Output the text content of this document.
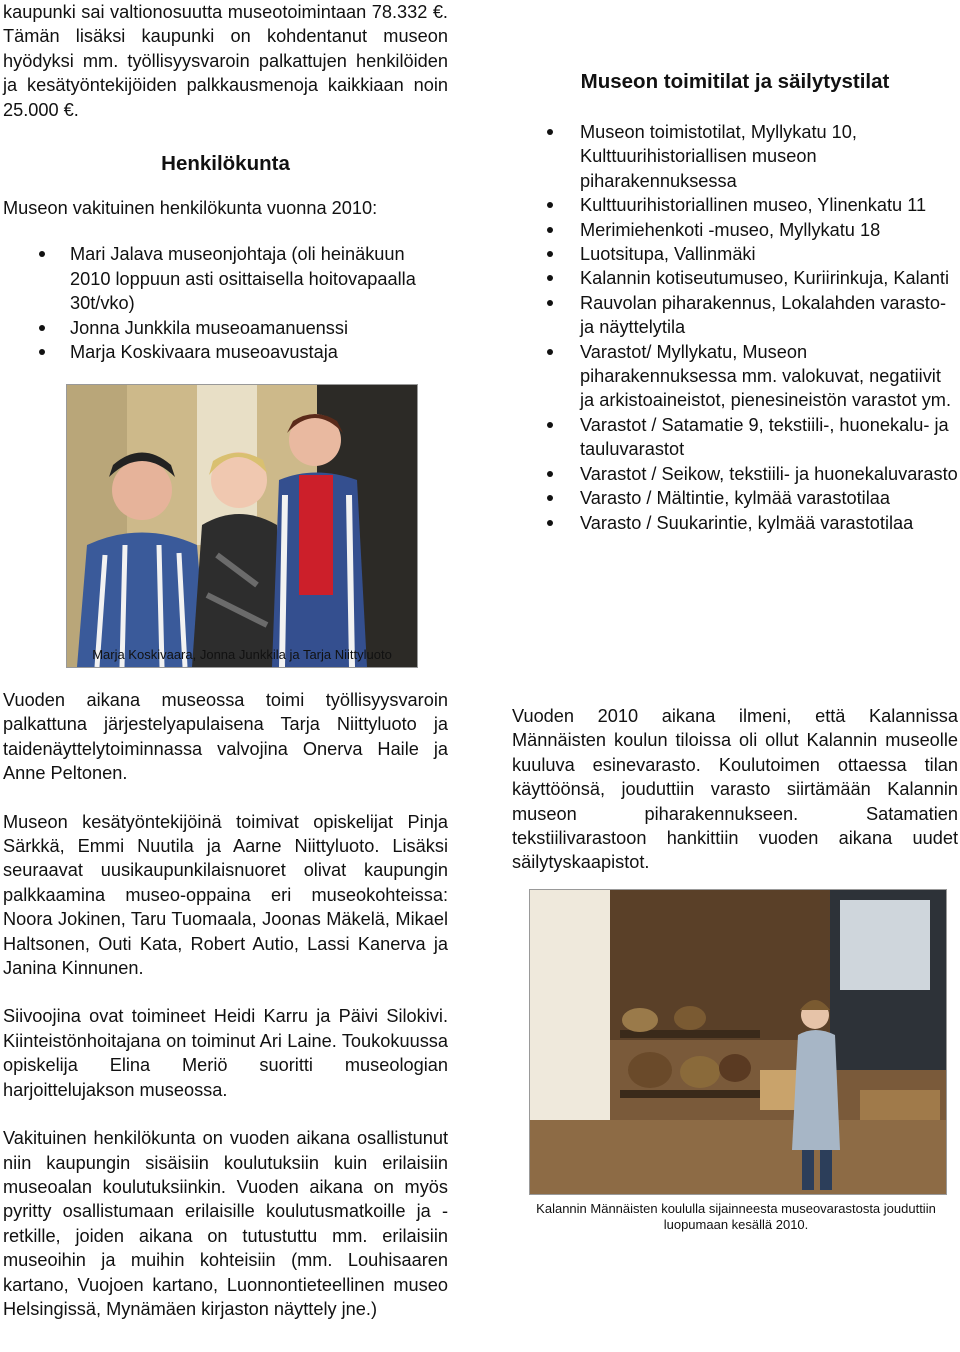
kaupunki sai valtionosuutta museotoimintaan 78.332 €. Tämän lisäksi kaupunki on kohdentanut museon hyödyksi mm. työllisyysvaroin palkattujen henkilöiden ja kesätyöntekijöiden palkkausmenoja kaikkiaan noin 25.000 €.

Henkilökunta

Museon vakituinen henkilökunta vuonna 2010:

Mari Jalava museonjohtaja (oli heinäkuun 2010 loppuun asti osittaisella hoitovapaalla 30t/vko)
Jonna Junkkila museoamanuenssi
Marja Koskivaara museoavustaja
Marja Koskivaara, Jonna Junkkila ja Tarja Niittyluoto

Vuoden aikana museossa toimi työllisyysvaroin palkattuna järjestelyapulaisena Tarja Niittyluoto ja taidenäyttelytoiminnassa valvojina Onerva Haile ja Anne Peltonen.

Museon kesätyöntekijöinä toimivat opiskelijat Pinja Särkkä, Emmi Nuutila ja Aarne Niittyluoto. Lisäksi seuraavat uusikaupunkilaisnuoret olivat kaupungin palkkaamina museo-oppaina eri museokohteissa: Noora Jokinen, Taru Tuomaala, Joonas Mäkelä, Mikael Haltsonen, Outi Kata, Robert Autio, Lassi Kanerva ja Janina Kinnunen.

Siivoojina ovat toimineet Heidi Karru ja Päivi Silokivi. Kiinteistönhoitajana on toiminut Ari Laine. Toukokuussa opiskelija Elina Meriö suoritti museologian harjoittelujakson museossa.

Vakituinen henkilökunta on vuoden aikana osallistunut niin kaupungin sisäisiin koulutuksiin kuin erilaisiin museoalan koulutuksiinkin. Vuoden aikana on myös pyritty osallistumaan erilaisille koulutusmatkoille ja -retkille, joiden aikana on tutustuttu mm. erilaisiin museoihin ja muihin kohteisiin (mm. Louhisaaren kartano, Vuojoen kartano, Luonnontieteellinen museo Helsingissä, Mynämäen kirjaston näyttely jne.)

Museon toimitilat ja säilytystilat
Museon toimistotilat, Myllykatu 10, Kulttuurihistoriallisen museon piharakennuksessa
Kulttuurihistoriallinen museo, Ylinenkatu 11
Merimiehenkoti -museo, Myllykatu 18
Luotsitupa, Vallinmäki
Kalannin kotiseutumuseo, Kuriirinkuja, Kalanti
Rauvolan piharakennus, Lokalahden varasto- ja näyttelytila
Varastot/ Myllykatu, Museon piharakennuksessa mm. valokuvat, negatiivit ja arkistoaineistot, pienesineistön varastot ym.
Varastot / Satamatie 9, tekstiili-, huonekalu- ja tauluvarastot
Varastot / Seikow, tekstiili- ja huonekaluvarasto
Varasto / Mältintie, kylmää varastotilaa
Varasto / Suukarintie, kylmää varastotilaa

Vuoden 2010 aikana ilmeni, että Kalannissa Männäisten koulun tiloissa oli ollut Kalannin museolle kuuluva esinevarasto. Koulutoimen ottaessa tilan käyttöönsä, jouduttiin varasto siirtämään Kalannin museon piharakennukseen. Satamatien tekstiilivarastoon hankittiin vuoden aikana uudet säilytyskaapistot.

Kalannin Männäisten koululla sijainneesta museovarastosta jouduttiin luopumaan kesällä 2010.
